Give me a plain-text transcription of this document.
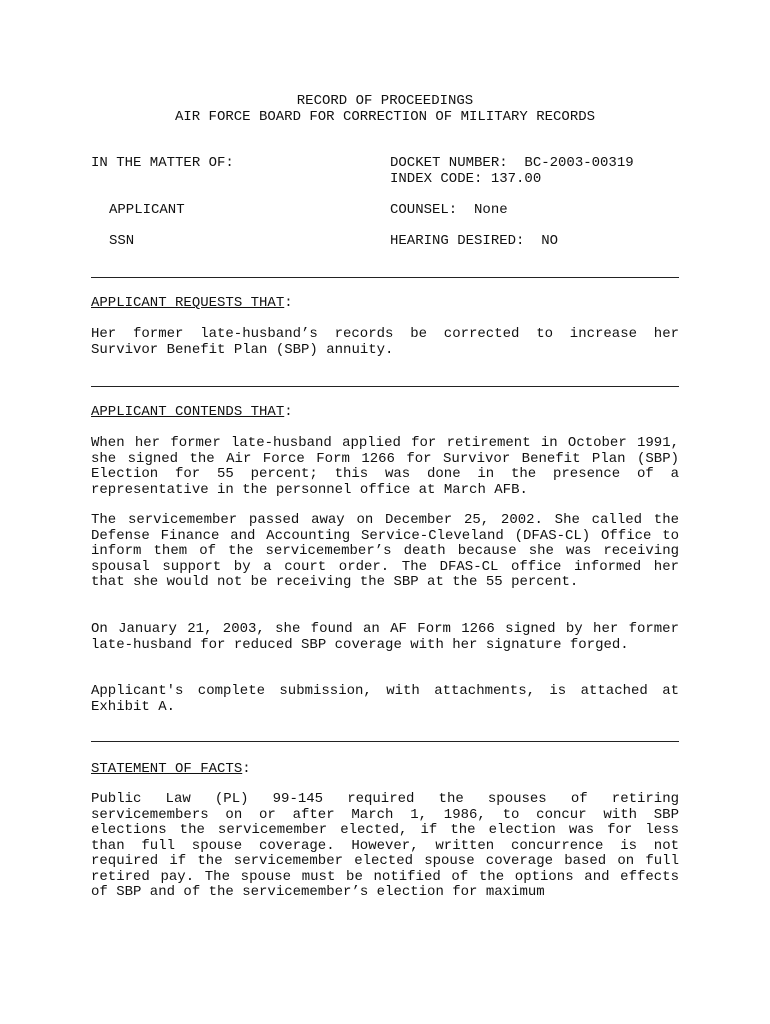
RECORD OF PROCEEDINGS
AIR FORCE BOARD FOR CORRECTION OF MILITARY RECORDS
IN THE MATTER OF:	DOCKET NUMBER:  BC-2003-00319
INDEX CODE: 137.00
APPLICANT	COUNSEL:  None
SSN	HEARING DESIRED:  NO
APPLICANT REQUESTS THAT:
Her former late-husband’s records be corrected to increase her Survivor Benefit Plan (SBP) annuity.
APPLICANT CONTENDS THAT:
When her former late-husband applied for retirement in October 1991, she signed the Air Force Form 1266 for Survivor Benefit Plan (SBP) Election for 55 percent; this was done in the presence of a representative in the personnel office at March AFB.
The servicemember passed away on December 25, 2002. She called the Defense Finance and Accounting Service-Cleveland (DFAS-CL) Office to inform them of the servicemember’s death because she was receiving spousal support by a court order. The DFAS-CL office informed her that she would not be receiving the SBP at the 55 percent.
On January 21, 2003, she found an AF Form 1266 signed by her former late-husband for reduced SBP coverage with her signature forged.
Applicant's complete submission, with attachments, is attached at Exhibit A.
STATEMENT OF FACTS:
Public Law (PL) 99-145 required the spouses of retiring servicemembers on or after March 1, 1986, to concur with SBP elections the servicemember elected, if the election was for less than full spouse coverage. However, written concurrence is not required if the servicemember elected spouse coverage based on full retired pay. The spouse must be notified of the options and effects of SBP and of the servicemember’s election for maximum
